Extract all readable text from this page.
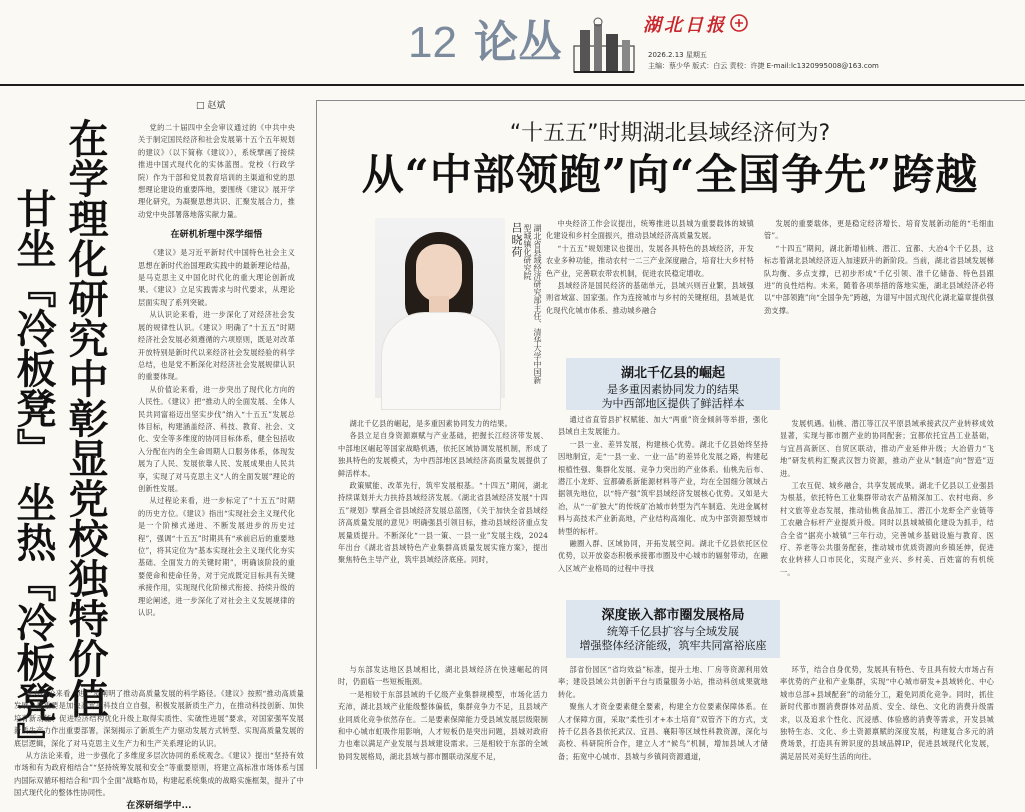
12 论丛	湖北日报
2026.2.13 星期五
主编：蔡少华 版式：白云 责校：许捷 E-mail:lc1320995008@163.com
在学理化研究中彰显党校独特价值
甘坐『冷板凳』 坐热『冷板凳』
□ 赵斌

党的二十届四中全会审议通过的《中共中央关于制定国民经济和社会发展第十五个五年规划的建议》（以下简称《建议》），系统擘画了接续推进中国式现代化的实体蓝图。党校（行政学院）作为干部和党员教育培训的主渠道和党的思想理论建设的重要阵地，要围绕《建议》展开学理化研究，为凝聚思想共识、汇聚发展合力，推动党中央部署落地落实献力量。

在研机析理中深学细悟

《建议》是习近平新时代中国特色社会主义思想在新时代治国理政实践中的最新理论结晶，是马克思主义中国化时代化的重大理论创新成果。《建议》立足实践需求与时代要求，从理论层面实现了系列突破。

从认识论来看，进一步深化了对经济社会发展的规律性认识。《建议》明确了“十五五”时期经济社会发展必须遵循的六项原则，既是对改革开放特别是新时代以来经济社会发展经验的科学总结，也是党不断深化对经济社会发展规律认识的重要体现。

从价值论来看，进一步突出了现代化方向的人民性。《建议》把“推动人的全面发展、全体人民共同富裕迈出坚实步伐”纳入“十五五”发展总体目标，构建涵盖经济、科技、教育、社会、文化、安全等多维度的协同目标体系，健全包括收入分配在内的全生命周期人口服务体系，体现发展为了人民、发展依靠人民、发展成果由人民共享，实现了对马克思主义“人的全面发展”理论的创新性发展。

从过程论来看，进一步标定了“十五五”时期的历史方位。《建议》指出“实现社会主义现代化是一个阶梯式递进、不断发展进步的历史过程”，强调“十五五”时期具有“承前启后的重要地位”，将其定位为“基本实现社会主义现代化夯实基础、全面发力的关键时期”，明确该阶段的重要使命和使命任务，对于完成既定目标具有关键承接作用，实现现代化阶梯式衔接、持续升级的理论阐述，进一步深化了对社会主义发展规律的认识。

从方法论来看，进一步阐明了推动高质量发展的科学路径。《建议》按照“推动高质量发展，最重要是加快高水平科技自立自强，积极发展新质生产力，在推动科技创新、加快培育新动能、促进经济结构优化升级上取得实质性、实破性进展”要求，对国家强军发展新质生产力作出重要部署，深刻揭示了新质生产力驱动发展方式转型、实现高质量发展的底层逻辑，深化了对马克思主义生产力和生产关系理论的认识。

从方法论来看，进一步强化了多维度多层次协同的系统观念。《建议》提出“坚持有效市场和有为政府相结合”“坚持统筹发展和安全”等重要原则，将建立高标准市场体系与国内国际双循环相结合和“四个全面”战略布局，构建起系统集成的战略实施框架，提升了中国式现代化的整体性协同性。

在深研细学中...
“十五五”时期湖北县域经济何为?
从“中部领跑”向“全国争先”跨越
吕晓荷	湖北省县域经济研究部主任、清华大学中国新型城镇化研究院

中央经济工作会议提出，统筹推进以县城为重要载体的城镇化建设和乡村全面振兴，推动县域经济高质量发展。

“十五五”规划建议也提出，发展各具特色的县域经济，开发农业多种功能，推动农村一二三产业深度融合，培育壮大乡村特色产业，完善联农带农机制，促进农民稳定增收。

县域经济是国民经济的基础单元，县域兴则百业繁，县域强则省域富、国家强。作为连接城市与乡村的关键枢纽，县域是优化现代化城市体系、推动城乡融合

发展的重要载体，更是稳定经济增长、培育发展新动能的“毛细血管”。

“十四五”期间，湖北新增仙桃、潜江、宜都、大冶4个千亿县，这标志着湖北县域经济迈入加速跃升的新阶段。当前，湖北省县域发展梯队均衡、多点支撑，已初步形成“千亿引领、准千亿储备、特色县跟进”的良性结构。未来，随着各项举措的落地实施，湖北县域经济必将以“中部领跑”向“全国争先”跨越，为谱写中国式现代化湖北篇章提供强劲支撑。

湖北千亿县的崛起
是多重因素协同发力的结果
为中西部地区提供了鲜活样本

湖北千亿县的崛起，是多重因素协同发力的结果。

各县立足自身资源禀赋与产业基础，把握长江经济带发展、中部地区崛起等国家战略机遇，依托区域协调发展机制，形成了独具特色的发展模式，为中西部地区县域经济高质量发展提供了鲜活样本。

政策赋能、改革先行，筑牢发展根基。“十四五”期间，湖北持续谋划并大力扶持县域经济发展。《湖北省县域经济发展“十四五”规划》擘画全省县域经济发展总蓝图，《关于加快全省县域经济高质量发展的意见》明确强县引领目标，推动县域经济重点发展量质提升。不断深化“一县一策、一县一业”发展主线，2024年出台《湖北省县域特色产业集群高质量发展实施方案》，提出聚焦特色主导产业，筑牢县域经济底座。同时，

通过省直管县扩权赋能、加大“两重”资金倾斜等举措，强化县域自主发展能力。

一县一业、差异发展，构建核心优势。湖北千亿县始终坚持因地制宜，走“一县一业、一业一品”的差异化发展之路，构建起根植性强、集群化发展、竞争力突出的产业体系。仙桃先后布、潜江小龙虾、宜都磷系新能源材料等产业，均在全国细分领域占据领先地位，以“特产强”筑牢县域经济发展核心优势。又如是大冶，从“一矿独大”的传统矿冶城市转型为汽车制造、先进金属材料与高技术产业新高地，产业结构高端化、成为中部资源型城市转型的标杆。

融圈入群、区域协同，开拓发展空间。湖北千亿县依托区位优势，以开放姿态积极承接都市圈及中心城市的辐射带动，在融入区域产业格局的过程中寻找

发展机遇。仙桃、潜江等江汉平原县域承接武汉产业转移成效显著，实现与都市圈产业的协同配套；宜都依托宜昌工业基础，与宜昌高新区、自贸区联动，推动产业延伸升级；大冶借力“飞地”研发机构汇聚武汉智力资源，推动产业从“制造”向“智造”迈进。

工农互促、城乡融合，共享发展成果。湖北千亿县以工业强县为根基，依托特色工业集群带动农产品精深加工、农村电商、乡村文旅等业态发展，推动仙桃食品加工、潜江小龙虾全产业链等工农融合标杆产业提质升级。同时以县城城镇化建设为抓手，结合全省“据亮小城镇”三年行动，完善城乡基础设施与教育、医疗、养老等公共服务配套，推动城市优质资源向乡镇延伸，促进农业转移人口市民化，实现产业兴、乡村美、百姓富的有机统一。

深度嵌入都市圈发展格局
统筹千亿县扩容与全域发展
增强整体经济能级，筑牢共同富裕底座

与东部发达地区县域相比，湖北县域经济在快速崛起的同时，仍面临一些短板瓶颈。

一是相较于东部县域的千亿级产业集群规模型，市场化活力充沛，湖北县域产业能级整体偏低，集群竞争力不足，且县域产业同质化竞争依然存在。二是要素保障能力受县域发展层级限制和中心城市虹吸作用影响，人才短板仍是突出问题，县城对政府力也难以满足产业发展与县域建设需求。三是相较于东部的全域协同发展格局，湖北县域与都市圈联动深度不足，

部省份园区“省均效益”标准，提升土地、厂房等资源利用效率；建设县域公共创新平台与质量服务小站，推动科创成果就地转化。

聚焦人才资金要素健全要素，构建全方位要素保障体系。在人才保障方面，采取“柔性引才+本土培育”双管齐下的方式，支持千亿县各县依托武汉、宜昌、襄阳等区域性科教资源，深化与高校、科研院所合作，建立人才“候鸟”机制，增加县域人才储备；拓宽中心城市、县城与乡镇间资源通道，

环节，结合自身优势，发展具有特色、专且具有较大市场占有率优势的产业和产业集群，实现“中心城市研发+县域转化、中心城市总部+县域配套”的动能分工，避免同质化竞争。同时，抓住新时代都市圈消费群体对品质、安全、绿色、文化的消费升级需求，以及追求个性化、沉浸感、体验感的消费等需求，开发县城独特生态、文化、乡土资源禀赋的深度发展，构建复合多元的消费场景，打造具有辨识度的县域品牌IP，促进县域现代化发展，满足居民对美好生活的向往。
